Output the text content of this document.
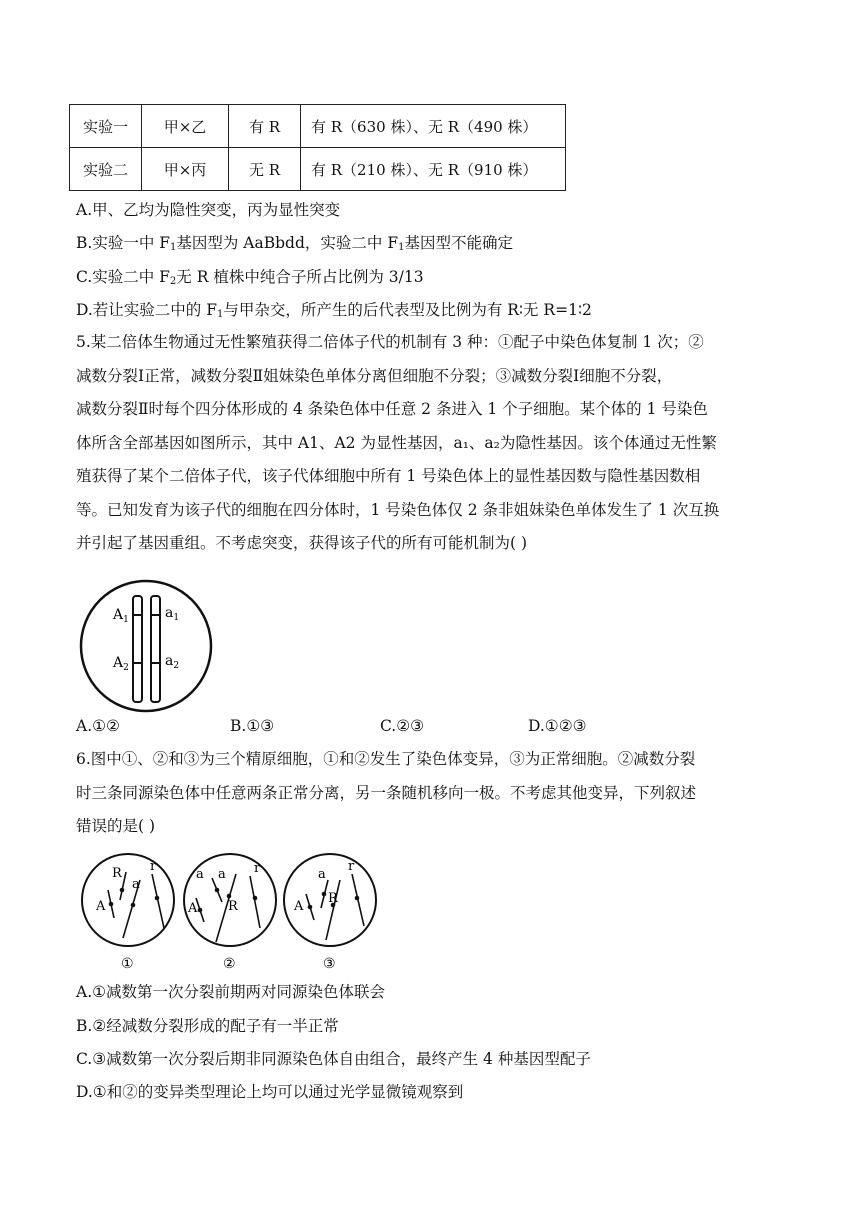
实验一	甲×乙	有 R	有 R（630 株）、无 R（490 株）
实验二	甲×丙	无 R	有 R（210 株）、无 R（910 株）
A.甲、乙均为隐性突变，丙为显性突变
B.实验一中 $F_1$基因型为 AaBbdd，实验二中 $F_1$基因型不能确定
C.实验二中 $F_2$无 R 植株中纯合子所占比例为 3/13
D.若让实验二中的 $F_1$与甲杂交，所产生的后代表型及比例为有 R∶无 R=1∶2
5.某二倍体生物通过无性繁殖获得二倍体子代的机制有 3 种：①配子中染色体复制 1 次；②
减数分裂Ⅰ正常，减数分裂Ⅱ姐妹染色单体分离但细胞不分裂；③减数分裂Ⅰ细胞不分裂，
减数分裂Ⅱ时每个四分体形成的 4 条染色体中任意 2 条进入 1 个子细胞。某个体的 1 号染色
体所含全部基因如图所示，其中 A1、A2 为显性基因，a₁、a₂为隐性基因。该个体通过无性繁
殖获得了某个二倍体子代，该子代体细胞中所有 1 号染色体上的显性基因数与隐性基因数相
等。已知发育为该子代的细胞在四分体时，1 号染色体仅 2 条非姐妹染色单体发生了 1 次互换
并引起了基因重组。不考虑突变，获得该子代的所有可能机制为( )
$A_1$
$A_2$
$a_1$
$a_2$
A.①②	B.①③	C.②③	D.①②③
6.图中①、②和③为三个精原细胞，①和②发生了染色体变异，③为正常细胞。②减数分裂
时三条同源染色体中任意两条正常分离，另一条随机移向一极。不考虑其他变异，下列叙述
错误的是( )
A
R
a
r
A
a a
R
r
A
a
R
r
①	②	③
A.①减数第一次分裂前期两对同源染色体联会
B.②经减数分裂形成的配子有一半正常
C.③减数第一次分裂后期非同源染色体自由组合，最终产生 4 种基因型配子
D.①和②的变异类型理论上均可以通过光学显微镜观察到
